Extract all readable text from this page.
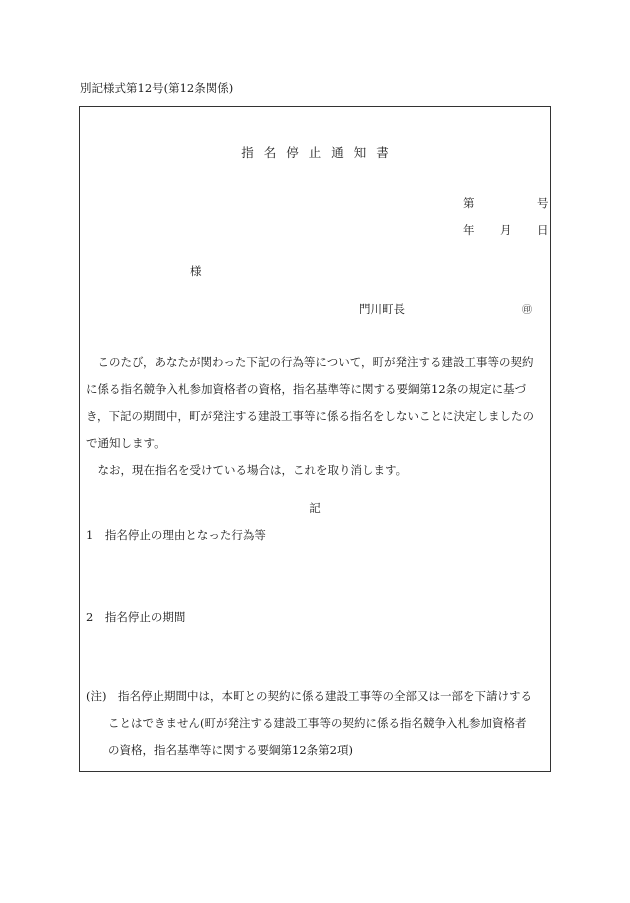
別記様式第12号(第12条関係)
指名停止通知書
第	号
年 月 日
様
門川町長	㊞
　このたび，あなたが関わった下記の行為等について，町が発注する建設工事等の契約
に係る指名競争入札参加資格者の資格，指名基準等に関する要綱第12条の規定に基づ
き，下記の期間中，町が発注する建設工事等に係る指名をしないことに決定しましたの
で通知します。
　なお，現在指名を受けている場合は，これを取り消します。
記
1　指名停止の理由となった行為等
2　指名停止の期間
(注)　指名停止期間中は，本町との契約に係る建設工事等の全部又は一部を下請けする
ことはできません(町が発注する建設工事等の契約に係る指名競争入札参加資格者
の資格，指名基準等に関する要綱第12条第2項)
